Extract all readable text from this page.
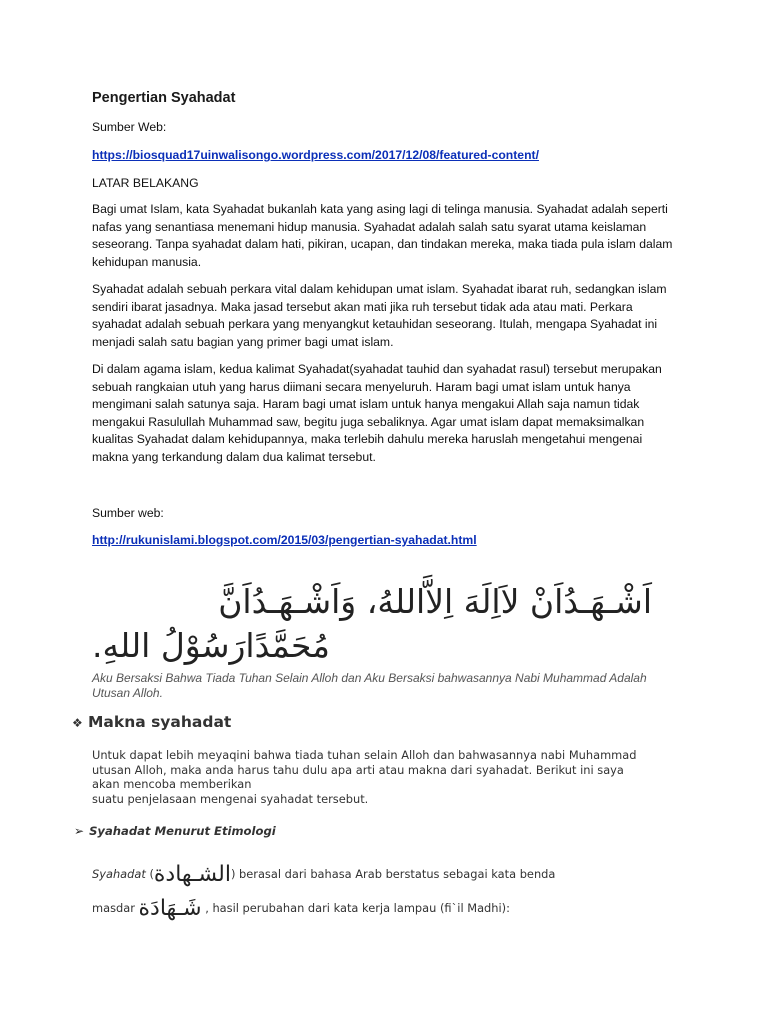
Pengertian Syahadat

Sumber Web:

https://biosquad17uinwalisongo.wordpress.com/2017/12/08/featured-content/

LATAR BELAKANG

Bagi umat Islam, kata Syahadat bukanlah kata yang asing lagi di telinga manusia. Syahadat adalah seperti nafas yang senantiasa menemani hidup manusia. Syahadat adalah salah satu syarat utama keislaman seseorang. Tanpa syahadat dalam hati, pikiran, ucapan, dan tindakan mereka, maka tiada pula islam dalam kehidupan manusia.

Syahadat adalah sebuah perkara vital dalam kehidupan umat islam. Syahadat ibarat ruh, sedangkan islam sendiri ibarat jasadnya. Maka jasad tersebut akan mati jika ruh tersebut tidak ada atau mati. Perkara syahadat adalah sebuah perkara yang menyangkut ketauhidan seseorang. Itulah, mengapa Syahadat ini menjadi salah satu bagian yang primer bagi umat islam.

Di dalam agama islam, kedua kalimat Syahadat(syahadat tauhid dan syahadat rasul) tersebut merupakan sebuah rangkaian utuh yang harus diimani secara menyeluruh. Haram bagi umat islam untuk hanya mengimani salah satunya saja. Haram bagi umat islam untuk hanya mengakui Allah saja namun tidak mengakui Rasulullah Muhammad saw, begitu juga sebaliknya. Agar umat islam dapat memaksimalkan kualitas Syahadat dalam kehidupannya, maka terlebih dahulu mereka haruslah mengetahui mengenai makna yang terkandung dalam dua kalimat tersebut.

Sumber web:

http://rukunislami.blogspot.com/2015/03/pengertian-syahadat.html

اَشْـهَـدُاَنْ لاَاِلَهَ اِلاَّاللهُ، وَاَشْـهَـدُاَنَّ
مُحَمَّدًارَسُوْلُ اللهِ.
Aku Bersaksi Bahwa Tiada Tuhan Selain Alloh dan Aku Bersaksi bahwasannya Nabi Muhammad Adalah Utusan Alloh.
❖ Makna syahadat
Untuk dapat lebih meyaqini bahwa tiada tuhan selain Alloh dan bahwasannya nabi Muhammad utusan Alloh, maka anda harus tahu dulu apa arti atau makna dari syahadat. Berikut ini saya akan mencoba memberikan
suatu penjelasaan mengenai syahadat tersebut.
➢ Syahadat Menurut Etimologi
Syahadat (الشـهادة) berasal dari bahasa Arab berstatus sebagai kata benda
masdar شَـهَادَة , hasil perubahan dari kata kerja lampau (fi`il Madhi):
